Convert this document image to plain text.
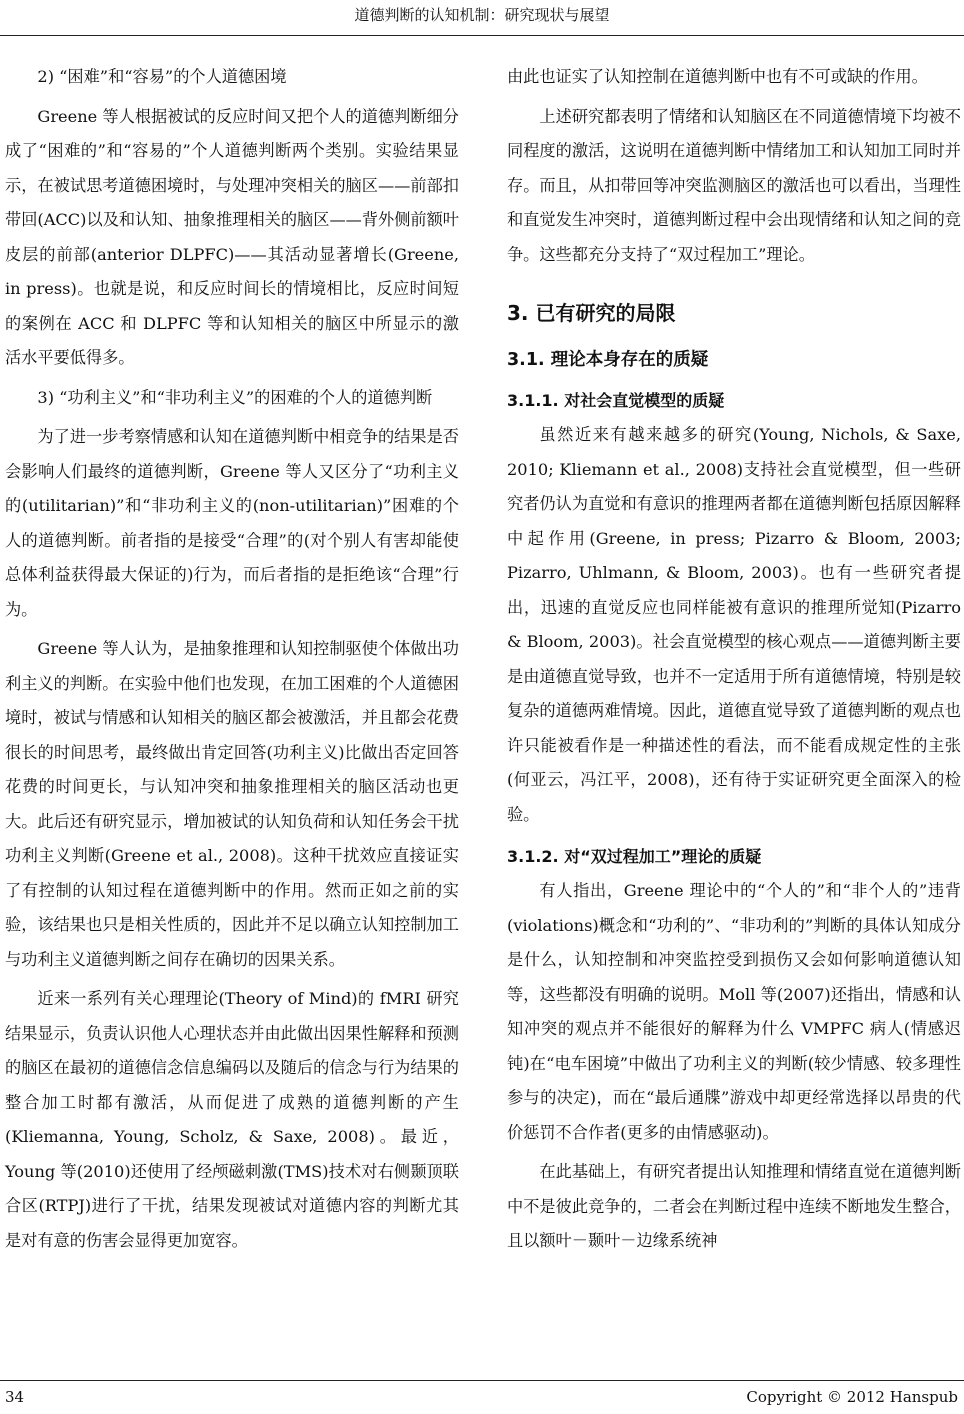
道德判断的认知机制：研究现状与展望

2) “困难”和“容易”的个人道德困境

Greene 等人根据被试的反应时间又把个人的道德判断细分成了“困难的”和“容易的”个人道德判断两个类别。实验结果显示，在被试思考道德困境时，与处理冲突相关的脑区——前部扣带回(ACC)以及和认知、抽象推理相关的脑区——背外侧前额叶皮层的前部(anterior DLPFC)——其活动显著增长(Greene, in press)。也就是说，和反应时间长的情境相比，反应时间短的案例在 ACC 和 DLPFC 等和认知相关的脑区中所显示的激活水平要低得多。

3) “功利主义”和“非功利主义”的困难的个人的道德判断

为了进一步考察情感和认知在道德判断中相竞争的结果是否会影响人们最终的道德判断，Greene 等人又区分了“功利主义的(utilitarian)”和“非功利主义的(non-utilitarian)”困难的个人的道德判断。前者指的是接受“合理”的(对个别人有害却能使总体利益获得最大保证的)行为，而后者指的是拒绝该“合理”行为。

Greene 等人认为，是抽象推理和认知控制驱使个体做出功利主义的判断。在实验中他们也发现，在加工困难的个人道德困境时，被试与情感和认知相关的脑区都会被激活，并且都会花费很长的时间思考，最终做出肯定回答(功利主义)比做出否定回答花费的时间更长，与认知冲突和抽象推理相关的脑区活动也更大。此后还有研究显示，增加被试的认知负荷和认知任务会干扰功利主义判断(Greene et al., 2008)。这种干扰效应直接证实了有控制的认知过程在道德判断中的作用。然而正如之前的实验，该结果也只是相关性质的，因此并不足以确立认知控制加工与功利主义道德判断之间存在确切的因果关系。

近来一系列有关心理理论(Theory of Mind)的 fMRI 研究结果显示，负责认识他人心理状态并由此做出因果性解释和预测的脑区在最初的道德信念信息编码以及随后的信念与行为结果的整合加工时都有激活，从而促进了成熟的道德判断的产生(Kliemanna, Young, Scholz, & Saxe, 2008)。最近，Young 等(2010)还使用了经颅磁刺激(TMS)技术对右侧颞顶联合区(RTPJ)进行了干扰，结果发现被试对道德内容的判断尤其是对有意的伤害会显得更加宽容。

由此也证实了认知控制在道德判断中也有不可或缺的作用。

上述研究都表明了情绪和认知脑区在不同道德情境下均被不同程度的激活，这说明在道德判断中情绪加工和认知加工同时并存。而且，从扣带回等冲突监测脑区的激活也可以看出，当理性和直觉发生冲突时，道德判断过程中会出现情绪和认知之间的竞争。这些都充分支持了“双过程加工”理论。

3. 已有研究的局限
3.1. 理论本身存在的质疑
3.1.1. 对社会直觉模型的质疑

虽然近来有越来越多的研究(Young, Nichols, & Saxe, 2010; Kliemann et al., 2008)支持社会直觉模型，但一些研究者仍认为直觉和有意识的推理两者都在道德判断包括原因解释中起作用(Greene, in press; Pizarro & Bloom, 2003; Pizarro, Uhlmann, & Bloom, 2003)。也有一些研究者提出，迅速的直觉反应也同样能被有意识的推理所觉知(Pizarro & Bloom, 2003)。社会直觉模型的核心观点——道德判断主要是由道德直觉导致，也并不一定适用于所有道德情境，特别是较复杂的道德两难情境。因此，道德直觉导致了道德判断的观点也许只能被看作是一种描述性的看法，而不能看成规定性的主张(何亚云，冯江平，2008)，还有待于实证研究更全面深入的检验。

3.1.2. 对“双过程加工”理论的质疑

有人指出，Greene 理论中的“个人的”和“非个人的”违背(violations)概念和“功利的”、“非功利的”判断的具体认知成分是什么，认知控制和冲突监控受到损伤又会如何影响道德认知等，这些都没有明确的说明。Moll 等(2007)还指出，情感和认知冲突的观点并不能很好的解释为什么 VMPFC 病人(情感迟钝)在“电车困境”中做出了功利主义的判断(较少情感、较多理性参与的决定)，而在“最后通牒”游戏中却更经常选择以昂贵的代价惩罚不合作者(更多的由情感驱动)。

在此基础上，有研究者提出认知推理和情绪直觉在道德判断中不是彼此竞争的，二者会在判断过程中连续不断地发生整合，且以额叶－颞叶－边缘系统神

34	Copyright © 2012 Hanspub
